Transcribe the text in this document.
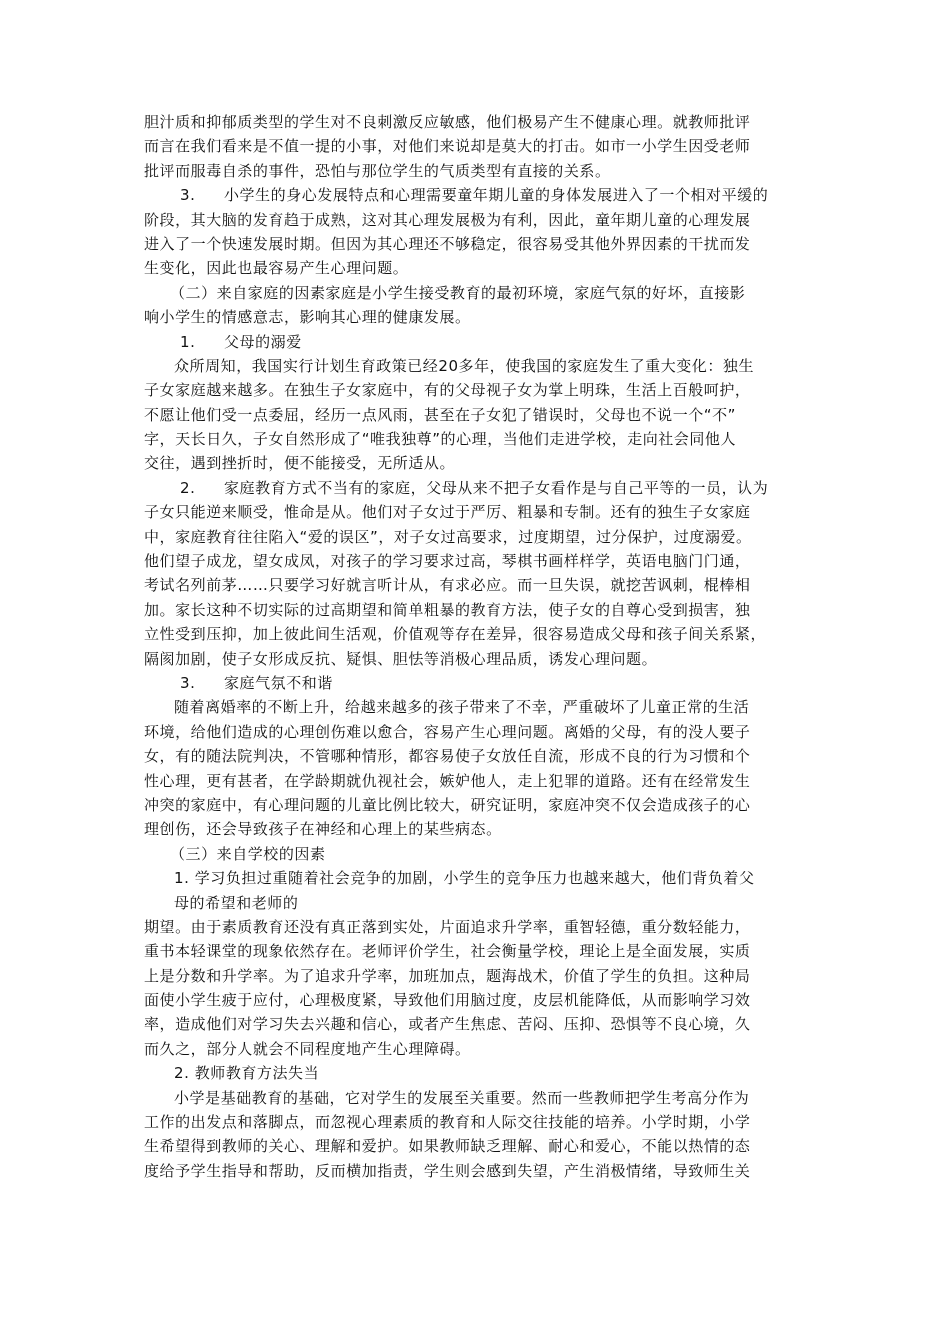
胆汁质和抑郁质类型的学生对不良刺激反应敏感，他们极易产生不健康心理。就教师批评
而言在我们看来是不值一提的小事，对他们来说却是莫大的打击。如市一小学生因受老师
批评而服毒自杀的事件，恐怕与那位学生的气质类型有直接的关系。
3. 小学生的身心发展特点和心理需要童年期儿童的身体发展进入了一个相对平缓的
阶段，其大脑的发育趋于成熟，这对其心理发展极为有利，因此，童年期儿童的心理发展
进入了一个快速发展时期。但因为其心理还不够稳定，很容易受其他外界因素的干扰而发
生变化，因此也最容易产生心理问题。
（二）来自家庭的因素家庭是小学生接受教育的最初环境，家庭气氛的好坏，直接影
响小学生的情感意志，影响其心理的健康发展。
1. 父母的溺爱
众所周知，我国实行计划生育政策已经20多年，使我国的家庭发生了重大变化：独生
子女家庭越来越多。在独生子女家庭中，有的父母视子女为掌上明珠，生活上百般呵护，
不愿让他们受一点委屈，经历一点风雨，甚至在子女犯了错误时，父母也不说一个“不”
字，天长日久，子女自然形成了“唯我独尊”的心理，当他们走进学校，走向社会同他人
交往，遇到挫折时，便不能接受，无所适从。
2. 家庭教育方式不当有的家庭，父母从来不把子女看作是与自己平等的一员，认为
子女只能逆来顺受，惟命是从。他们对子女过于严厉、粗暴和专制。还有的独生子女家庭
中，家庭教育往往陷入“爱的误区”，对子女过高要求，过度期望，过分保护，过度溺爱。
他们望子成龙，望女成凤，对孩子的学习要求过高，琴棋书画样样学，英语电脑门门通，
考试名列前茅……只要学习好就言听计从，有求必应。而一旦失误，就挖苦讽刺，棍棒相
加。家长这种不切实际的过高期望和简单粗暴的教育方法，使子女的自尊心受到损害，独
立性受到压抑，加上彼此间生活观，价值观等存在差异，很容易造成父母和孩子间关系紧，
隔阂加剧，使子女形成反抗、疑惧、胆怯等消极心理品质，诱发心理问题。
3. 家庭气氛不和谐
随着离婚率的不断上升，给越来越多的孩子带来了不幸，严重破坏了儿童正常的生活
环境，给他们造成的心理创伤难以愈合，容易产生心理问题。离婚的父母，有的没人要子
女，有的随法院判决，不管哪种情形，都容易使子女放任自流，形成不良的行为习惯和个
性心理，更有甚者，在学龄期就仇视社会，嫉妒他人，走上犯罪的道路。还有在经常发生
冲突的家庭中，有心理问题的儿童比例比较大，研究证明，家庭冲突不仅会造成孩子的心
理创伤，还会导致孩子在神经和心理上的某些病态。
（三）来自学校的因素
1. 学习负担过重随着社会竞争的加剧，小学生的竞争压力也越来越大，他们背负着父
母的希望和老师的
期望。由于素质教育还没有真正落到实处，片面追求升学率，重智轻德，重分数轻能力，
重书本轻课堂的现象依然存在。老师评价学生，社会衡量学校，理论上是全面发展，实质
上是分数和升学率。为了追求升学率，加班加点，题海战术，价值了学生的负担。这种局
面使小学生疲于应付，心理极度紧，导致他们用脑过度，皮层机能降低，从而影响学习效
率，造成他们对学习失去兴趣和信心，或者产生焦虑、苦闷、压抑、恐惧等不良心境，久
而久之，部分人就会不同程度地产生心理障碍。
2. 教师教育方法失当
小学是基础教育的基础，它对学生的发展至关重要。然而一些教师把学生考高分作为
工作的出发点和落脚点，而忽视心理素质的教育和人际交往技能的培养。小学时期，小学
生希望得到教师的关心、理解和爱护。如果教师缺乏理解、耐心和爱心，不能以热情的态
度给予学生指导和帮助，反而横加指责，学生则会感到失望，产生消极情绪，导致师生关
